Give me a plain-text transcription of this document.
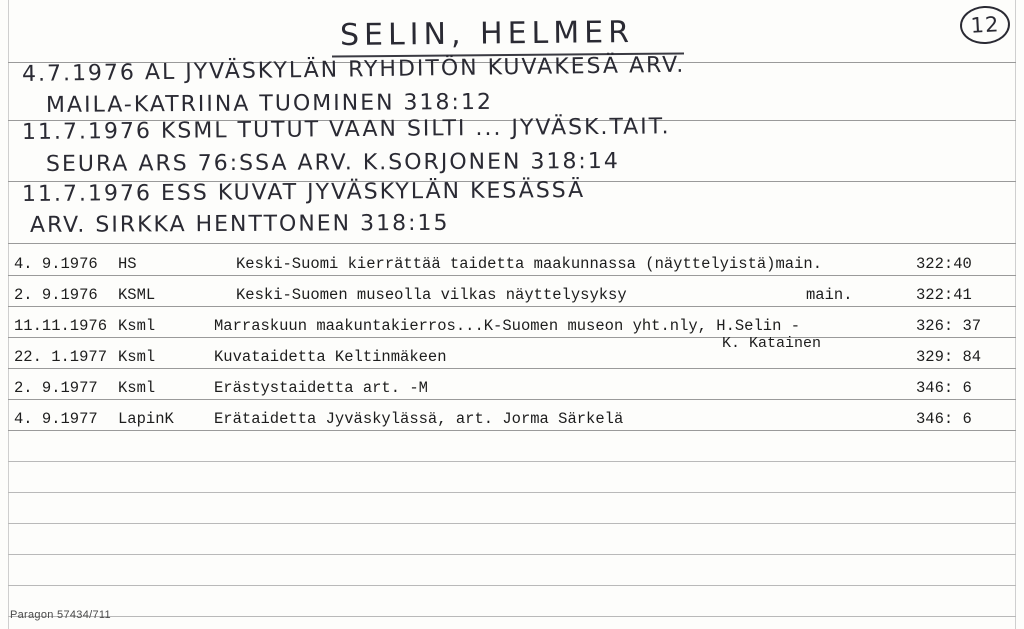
12
SELIN, HELMER
4.7.1976 AL JYVÄSKYLÄN RYHDITÖN KUVAKESÄ ARV.
MAILA-KATRIINA TUOMINEN 318:12
11.7.1976 KSML TUTUT VAAN SILTI ... JYVÄSK.TAIT.
SEURA ARS 76:SSA ARV. K.SORJONEN 318:14
11.7.1976 ESS KUVAT JYVÄSKYLÄN KESÄSSÄ
ARV. SIRKKA HENTTONEN 318:15
4. 9.1976 HS	Keski-Suomi kierrättää taidetta maakunnassa (näyttelyistä)main.	322:40
2. 9.1976 KSML	Keski-Suomen museolla vilkas näyttelysyksy	main.	322:41
11.11.1976 Ksml	Marraskuun maakuntakierros...K-Suomen museon yht.nly, H.Selin -	326: 37
K. Katainen
22. 1.1977 Ksml	Kuvataidetta Keltinmäkeen	329: 84
2. 9.1977 Ksml	Erästystaidetta art. -M	346: 6
4. 9.1977 LapinK	Erätaidetta Jyväskylässä, art. Jorma Särkelä	346: 6
Paragon 57434/711
